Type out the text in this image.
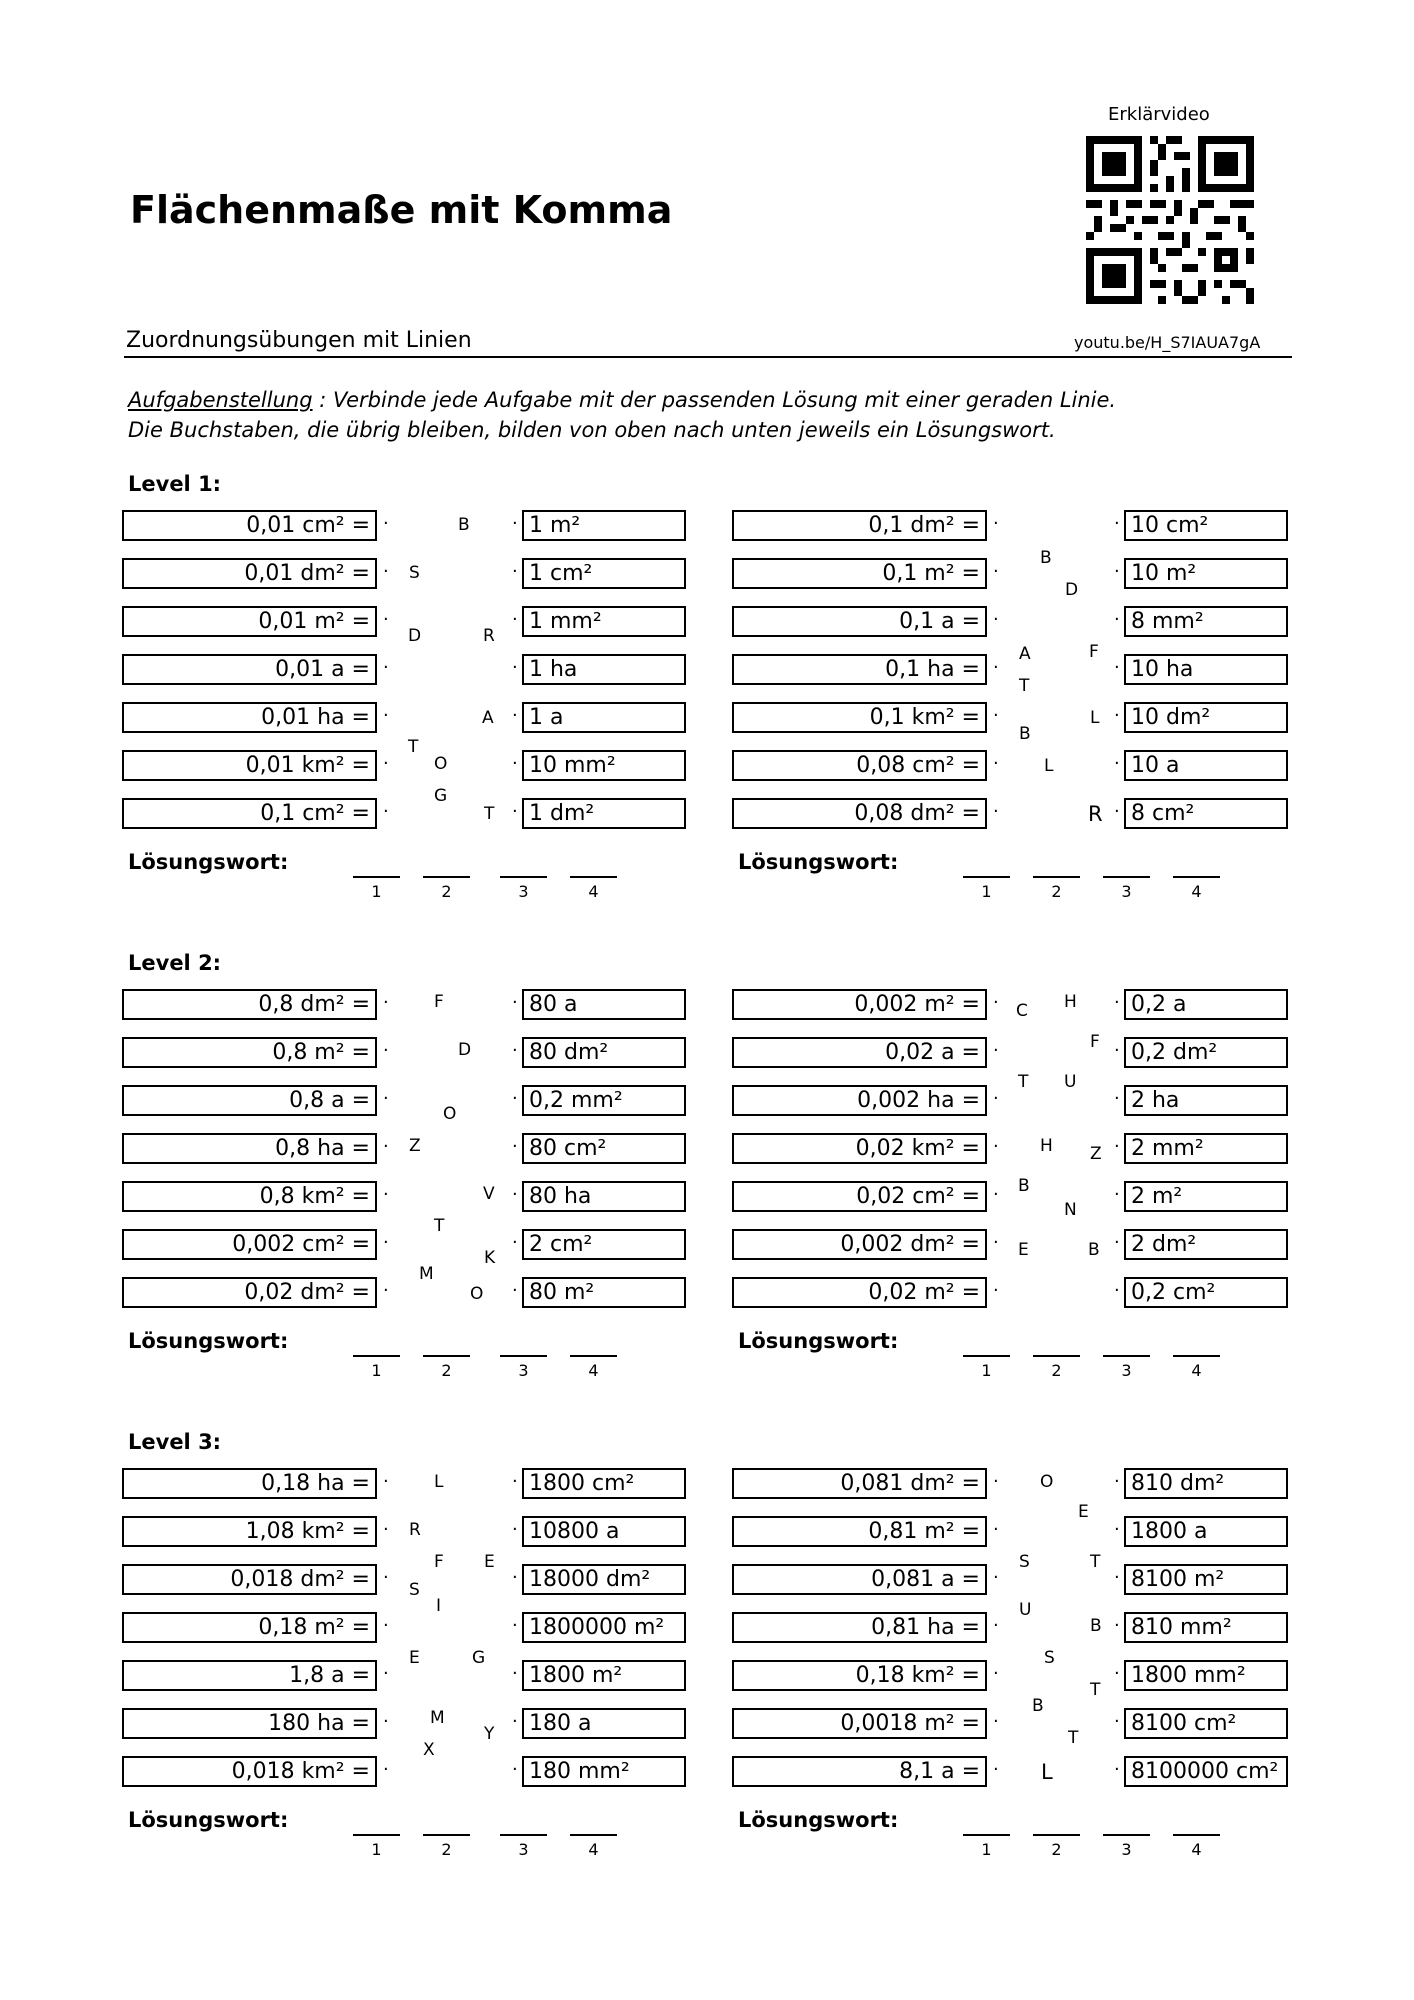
Flächenmaße mit Komma
Erklärvideo
Zuordnungsübungen mit Linien	youtu.be/H_S7IAUA7gA
Aufgabenstellung : Verbinde jede Aufgabe mit der passenden Lösung mit einer geraden Linie.
Die Buchstaben, die übrig bleiben, bilden von oben nach unten jeweils ein Lösungswort.
Level 1:
0,01 cm² = ·
0,01 dm² = ·
0,01 m² = ·
0,01 a = ·
0,01 ha = ·
0,01 km² = ·
0,1 cm² = ·
· 1 m²
· 1 cm²
· 1 mm²
· 1 ha
· 1 a
· 10 mm²
· 1 dm²
B
S
D	R
A
T
O
G
T
Lösungswort:
1	2	3	4
0,1 dm² = ·
0,1 m² = ·
0,1 a = ·
0,1 ha = ·
0,1 km² = ·
0,08 cm² = ·
0,08 dm² = ·
· 10 cm²
· 10 m²
· 8 mm²
· 10 ha
· 10 dm²
· 10 a
· 8 cm²
B
D
A	F
T
L
B
L
R
Lösungswort:
1	2	3	4
Level 2:
0,8 dm² = ·
0,8 m² = ·
0,8 a = ·
0,8 ha = ·
0,8 km² = ·
0,002 cm² = ·
0,02 dm² = ·
· 80 a
· 80 dm²
· 0,2 mm²
· 80 cm²
· 80 ha
· 2 cm²
· 80 m²
F
D
O
Z
V
T
K
M
O
Lösungswort:
1	2	3	4
0,002 m² = ·
0,02 a = ·
0,002 ha = ·
0,02 km² = ·
0,02 cm² = ·
0,002 dm² = ·
0,02 m² = ·
· 0,2 a
· 0,2 dm²
· 2 ha
· 2 mm²
· 2 m²
· 2 dm²
· 0,2 cm²
C H
F
T U
H Z
B
N
E	B
Lösungswort:
1	2	3	4
Level 3:
0,18 ha = ·
1,08 km² = ·
0,018 dm² = ·
0,18 m² = ·
1,8 a = ·
180 ha = ·
0,018 km² = ·
· 1800 cm²
· 10800 a
· 18000 dm²
· 1800000 m²
· 1800 m²
· 180 a
· 180 mm²
L
R
F E
S
I
E	G
M
Y
X
Lösungswort:
1	2	3	4
0,081 dm² = ·
0,81 m² = ·
0,081 a = ·
0,81 ha = ·
0,18 km² = ·
0,0018 m² = ·
8,1 a = ·
· 810 dm²
· 1800 a
· 8100 m²
· 810 mm²
· 1800 mm²
· 8100 cm²
· 8100000 cm²
O
E
S	T
U
B
S
T
B
T
L
Lösungswort:
1	2	3	4
